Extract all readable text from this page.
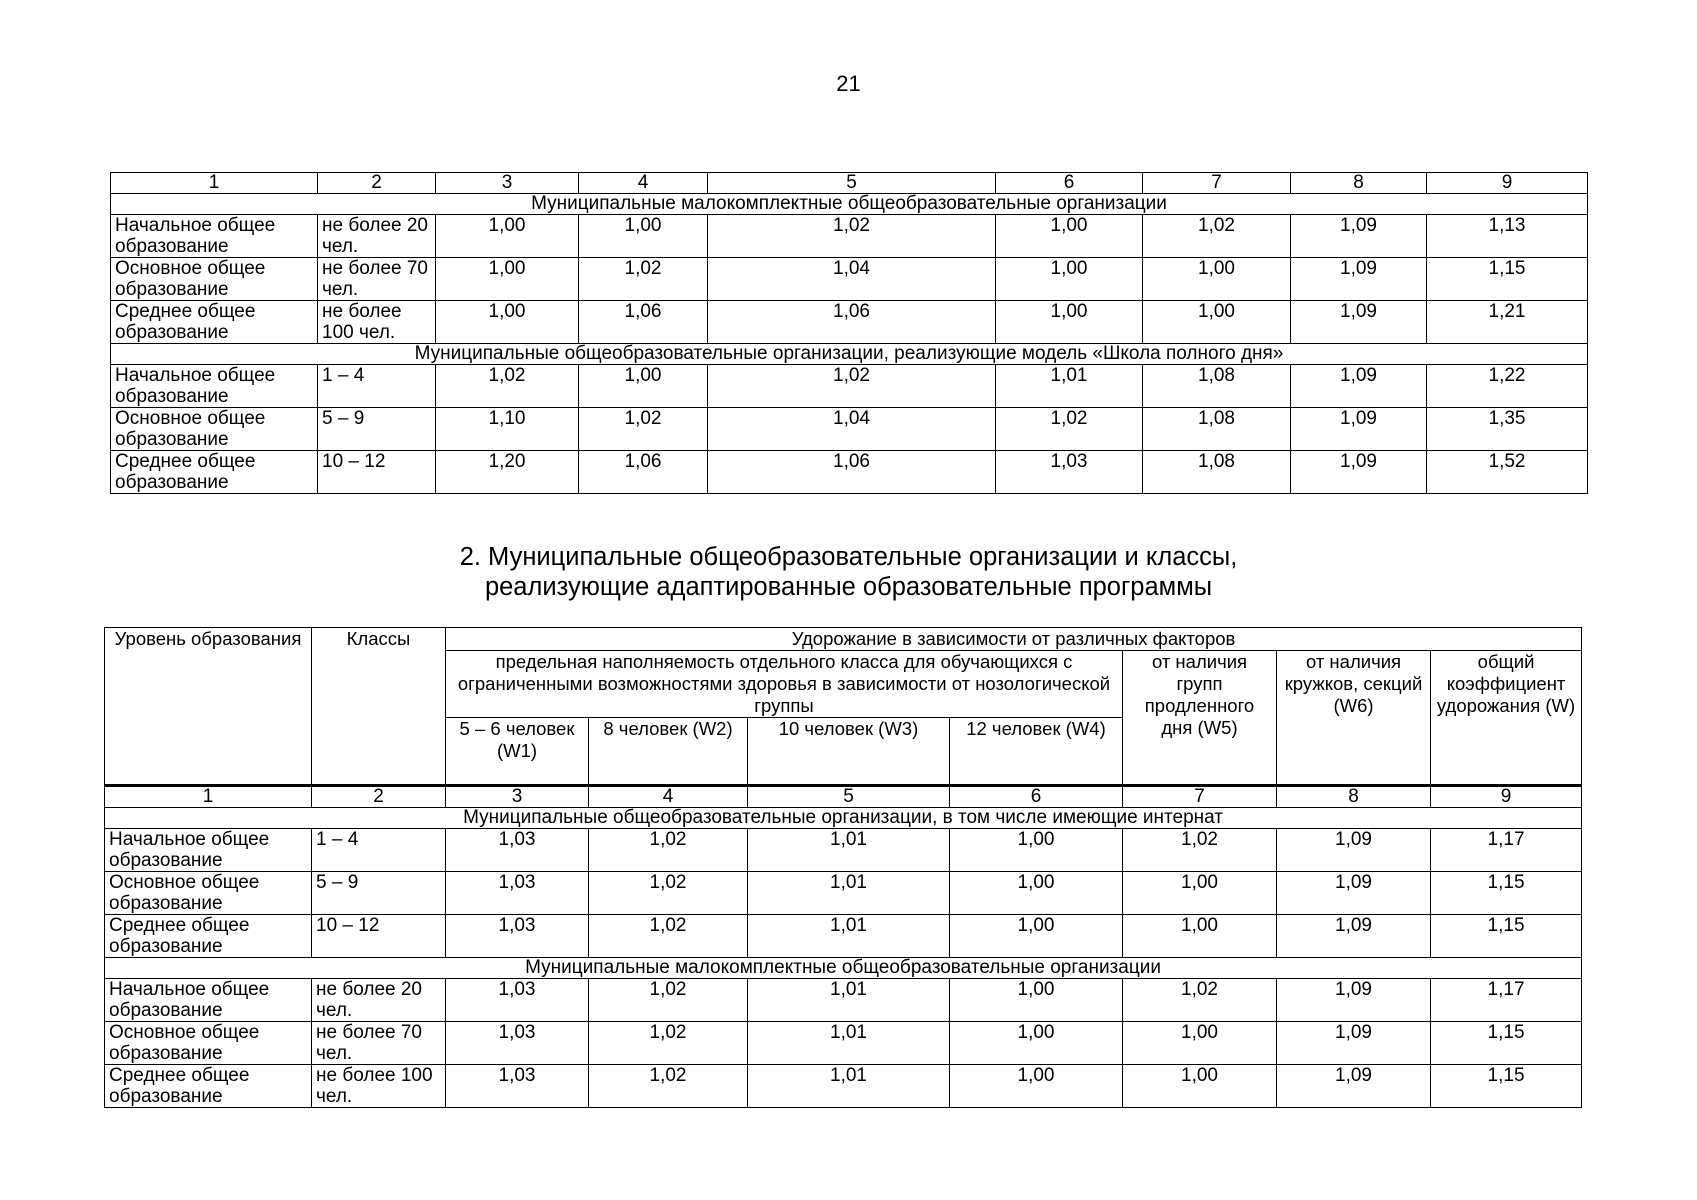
21
1	2	3	4	5	6	7	8	9
Муниципальные малокомплектные общеобразовательные организации								
Начальное общее образование	не более 20 чел.	1,00	1,00	1,02	1,00	1,02	1,09	1,13
Основное общее образование	не более 70 чел.	1,00	1,02	1,04	1,00	1,00	1,09	1,15
Среднее общее образование	не более 100 чел.	1,00	1,06	1,06	1,00	1,00	1,09	1,21
Муниципальные общеобразовательные организации, реализующие модель «Школа полного дня»								
Начальное общее образование	1 – 4	1,02	1,00	1,02	1,01	1,08	1,09	1,22
Основное общее образование	5 – 9	1,10	1,02	1,04	1,02	1,08	1,09	1,35
Среднее общее образование	10 – 12	1,20	1,06	1,06	1,03	1,08	1,09	1,52
2. Муниципальные общеобразовательные организации и классы,
реализующие адаптированные образовательные программы
Уровень образования	Классы	Удорожание в зависимости от различных факторов						
		предельная наполняемость отдельного класса для обучающихся с ограниченными возможностями здоровья в зависимости от нозологической группы				от наличия групп продленного дня (W5)	от наличия кружков, секций (W6)	общий коэффициент удорожания (W)
		5 – 6 человек (W1)	8 человек (W2)	10 человек (W3)	12 человек (W4)			

1	2	3	4	5	6	7	8	9
Муниципальные общеобразовательные организации, в том числе имеющие интернат								
Начальное общее образование	1 – 4	1,03	1,02	1,01	1,00	1,02	1,09	1,17
Основное общее образование	5 – 9	1,03	1,02	1,01	1,00	1,00	1,09	1,15
Среднее общее образование	10 – 12	1,03	1,02	1,01	1,00	1,00	1,09	1,15
Муниципальные малокомплектные общеобразовательные организации								
Начальное общее образование	не более 20 чел.	1,03	1,02	1,01	1,00	1,02	1,09	1,17
Основное общее образование	не более 70 чел.	1,03	1,02	1,01	1,00	1,00	1,09	1,15
Среднее общее образование	не более 100 чел.	1,03	1,02	1,01	1,00	1,00	1,09	1,15
